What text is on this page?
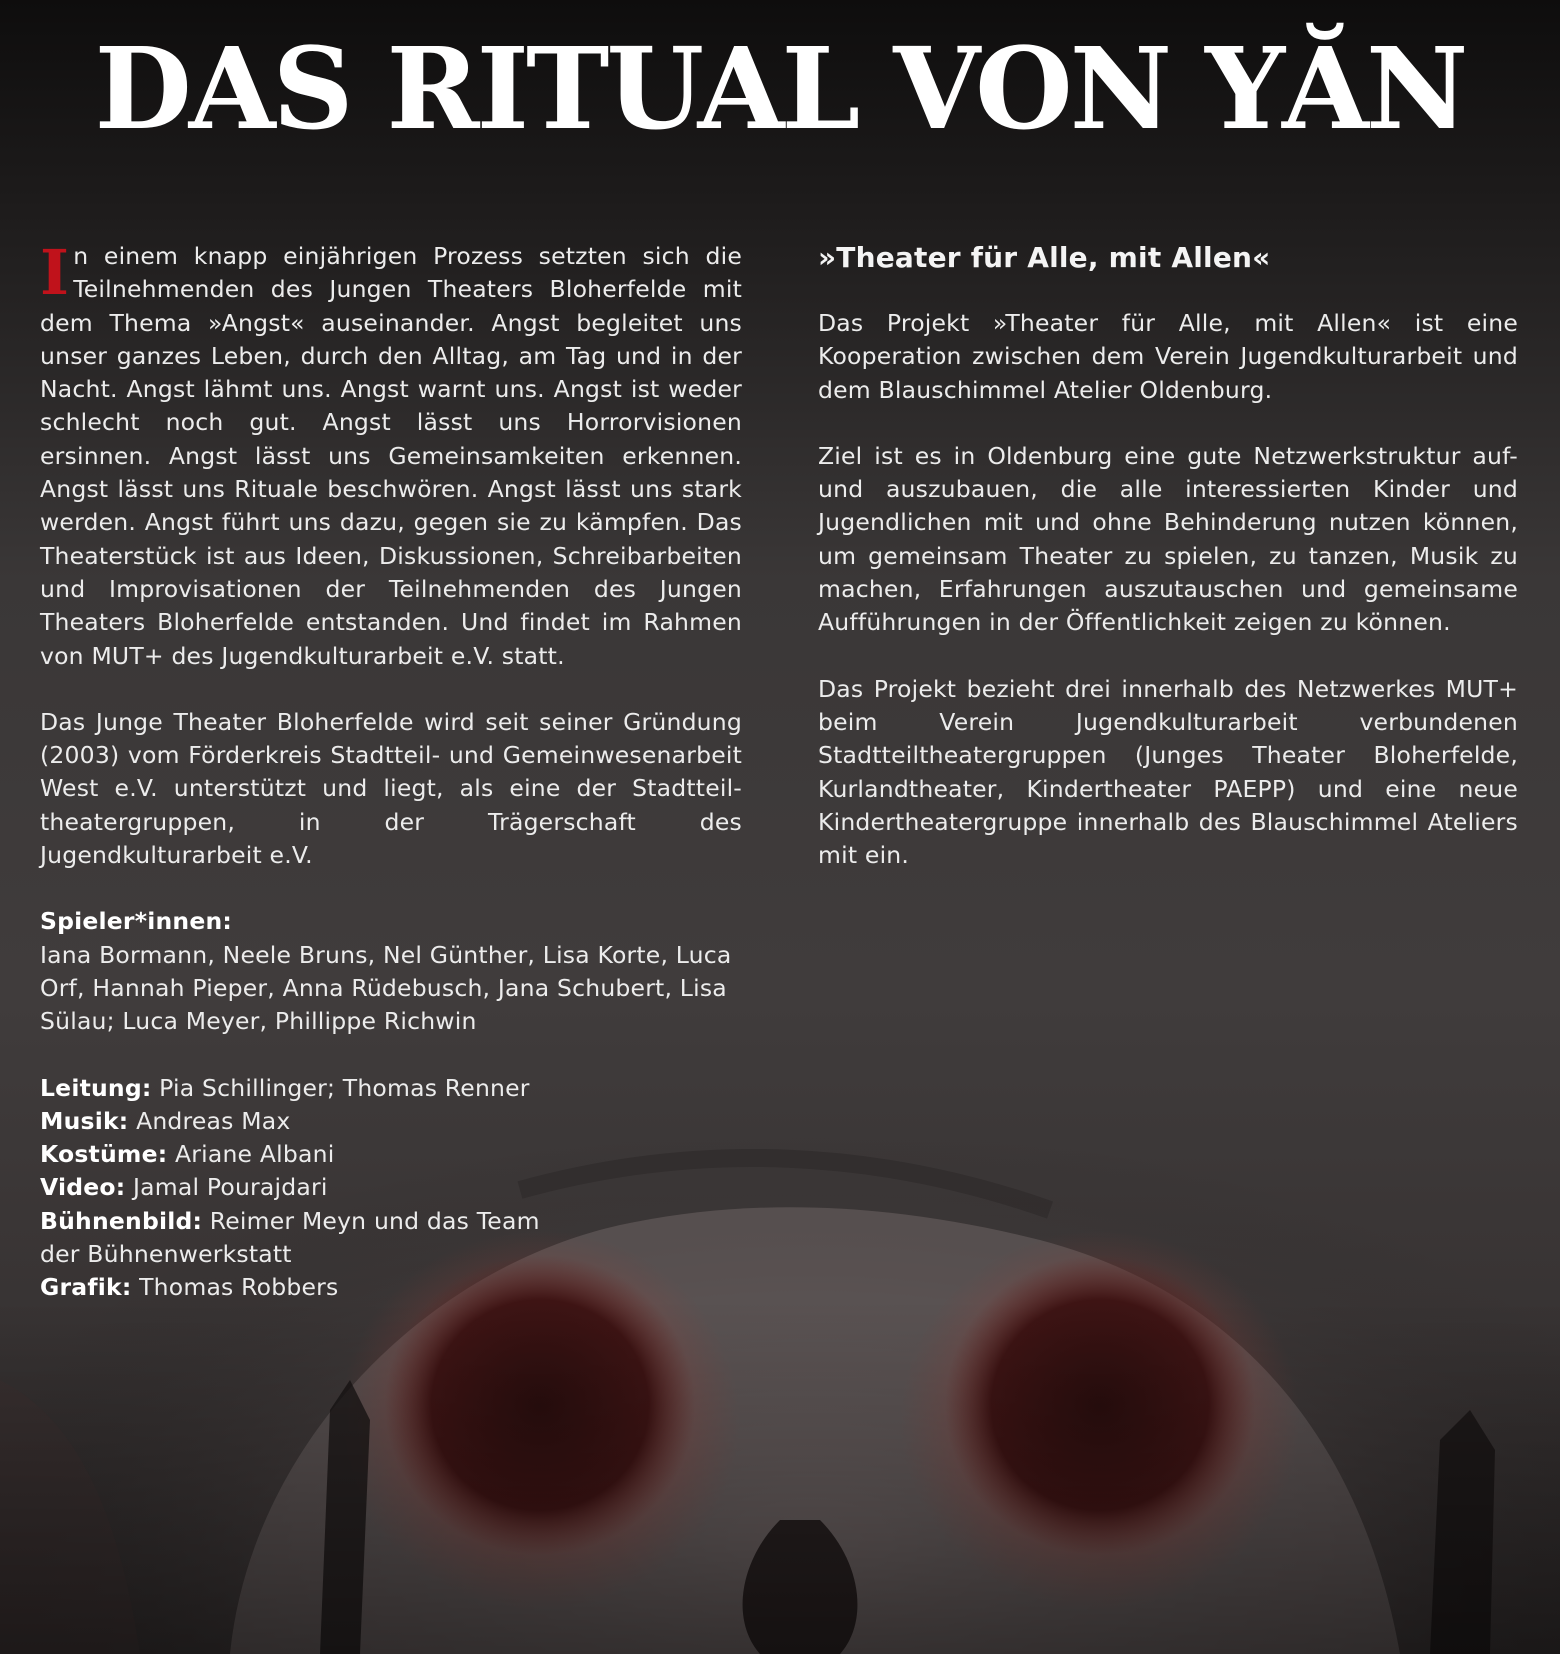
DAS RITUAL VON YĂN

In einem knapp einjährigen Prozess setzten sich die Teilnehmenden des Jungen Theaters Bloherfelde mit dem Thema »Angst« auseinander. Angst begleitet uns unser ganzes Leben, durch den Alltag, am Tag und in der Nacht. Angst lähmt uns. Angst warnt uns. Angst ist weder schlecht noch gut. Angst lässt uns Horrorvisionen ersinnen. Angst lässt uns Gemeinsamkeiten erkennen. Angst lässt uns Rituale beschwören. Angst lässt uns stark werden. Angst führt uns dazu, gegen sie zu kämpfen. Das Theaterstück ist aus Ideen, Diskussionen, Schreibarbeiten und Improvisationen der Teilnehmenden des Jungen Theaters Bloherfelde entstanden. Und findet im Rahmen von MUT+ des Jugendkulturarbeit e.V. statt.

Das Junge Theater Bloherfelde wird seit seiner Gründung (2003) vom Förderkreis Stadtteil- und Gemeinwesenarbeit West e.V. unterstützt und liegt, als eine der Stadtteil-theatergruppen, in der Trägerschaft des Jugendkulturarbeit e.V.

Spieler*innen:
Iana Bormann, Neele Bruns, Nel Günther, Lisa Korte, Luca Orf, Hannah Pieper, Anna Rüdebusch, Jana Schubert, Lisa Sülau; Luca Meyer, Phillippe Richwin
Leitung: Pia Schillinger; Thomas Renner
Musik: Andreas Max
Kostüme: Ariane Albani
Video: Jamal Pourajdari
Bühnenbild: Reimer Meyn und das Team der Bühnenwerkstatt
Grafik: Thomas Robbers
»Theater für Alle, mit Allen«

Das Projekt »Theater für Alle, mit Allen« ist eine Kooperation zwischen dem Verein Jugendkulturarbeit und dem Blauschimmel Atelier Oldenburg.

Ziel ist es in Oldenburg eine gute Netzwerkstruktur auf- und auszubauen, die alle interessierten Kinder und Jugendlichen mit und ohne Behinderung nutzen können, um gemeinsam Theater zu spielen, zu tanzen, Musik zu machen, Erfahrungen auszutauschen und gemeinsame Aufführungen in der Öffentlichkeit zeigen zu können.

Das Projekt bezieht drei innerhalb des Netzwerkes MUT+ beim Verein Jugendkulturarbeit verbundenen Stadtteiltheatergruppen (Junges Theater Bloherfelde, Kurlandtheater, Kindertheater PAEPP) und eine neue Kindertheatergruppe innerhalb des Blauschimmel Ateliers mit ein.
